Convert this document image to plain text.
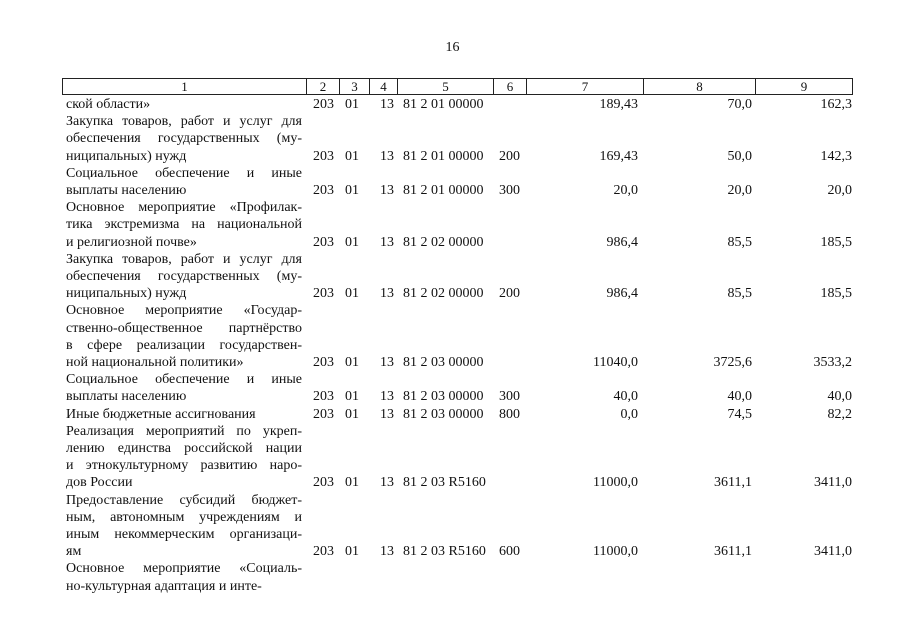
16
1	2	3	4	5	6	7	8	9
ской области»	203 01 13 81 2 01 00000	189,43	70,0	162,3
Закупка товаров, работ и услуг для
обеспечения государственных (му-
ниципальных) нужд	203 01 13 81 2 01 00000 200	169,43	50,0	142,3
Социальное обеспечение и иные
выплаты населению	203 01 13 81 2 01 00000 300	20,0	20,0	20,0
Основное мероприятие «Профилак-
тика экстремизма на национальной
и религиозной почве»	203 01 13 81 2 02 00000	986,4	85,5	185,5
Закупка товаров, работ и услуг для
обеспечения государственных (му-
ниципальных) нужд	203 01 13 81 2 02 00000 200	986,4	85,5	185,5
Основное мероприятие «Государ-
ственно-общественное партнёрство
в сфере реализации государствен-
ной национальной политики»	203 01 13 81 2 03 00000	11040,0	3725,6	3533,2
Социальное обеспечение и иные
выплаты населению	203 01 13 81 2 03 00000 300	40,0	40,0	40,0
Иные бюджетные ассигнования	203 01 13 81 2 03 00000 800	0,0	74,5	82,2
Реализация мероприятий по укреп-
лению единства российской нации
и этнокультурному развитию наро-
дов России	203 01 13 81 2 03 R5160	11000,0	3611,1	3411,0
Предоставление субсидий бюджет-
ным, автономным учреждениям и
иным некоммерческим организаци-
ям	203 01 13 81 2 03 R5160 600	11000,0	3611,1	3411,0
Основное мероприятие «Социаль-
но-культурная адаптация и инте-
